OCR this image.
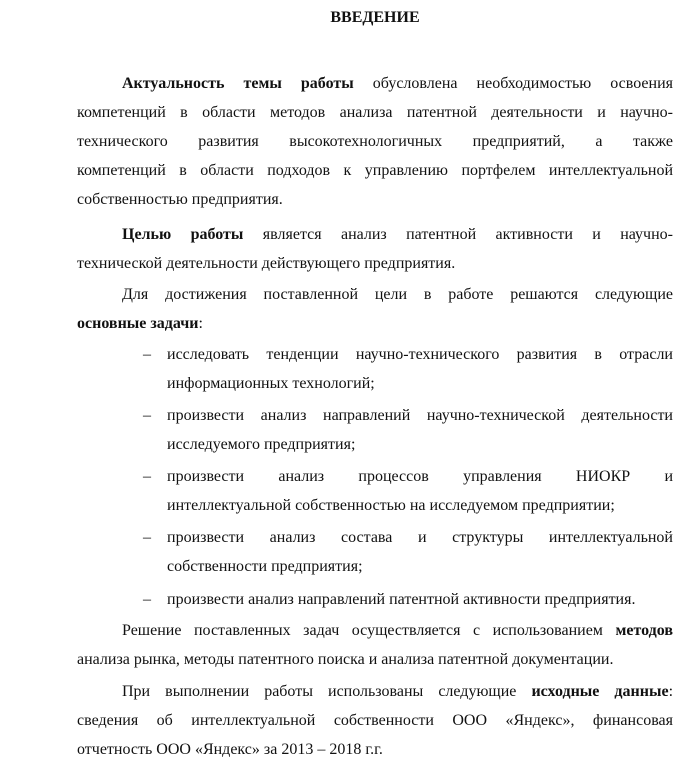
ВВЕДЕНИЕ
Актуальность темы работы обусловлена необходимостью освоения
компетенций в области методов анализа патентной деятельности и научно-
технического развития высокотехнологичных предприятий, а также
компетенций в области подходов к управлению портфелем интеллектуальной
собственностью предприятия.
Целью работы является анализ патентной активности и научно-
технической деятельности действующего предприятия.
Для достижения поставленной цели в работе решаются следующие
основные задачи:
–	исследовать тенденции научно-технического развития в отрасли
информационных технологий;
–	произвести анализ направлений научно-технической деятельности
исследуемого предприятия;
–	произвести анализ процессов управления НИОКР и
интеллектуальной собственностью на исследуемом предприятии;
–	произвести анализ состава и структуры интеллектуальной
собственности предприятия;
–	произвести анализ направлений патентной активности предприятия.
Решение поставленных задач осуществляется с использованием методов
анализа рынка, методы патентного поиска и анализа патентной документации.
При выполнении работы использованы следующие исходные данные:
сведения об интеллектуальной собственности ООО «Яндекс», финансовая
отчетность ООО «Яндекс» за 2013 – 2018 г.г.
